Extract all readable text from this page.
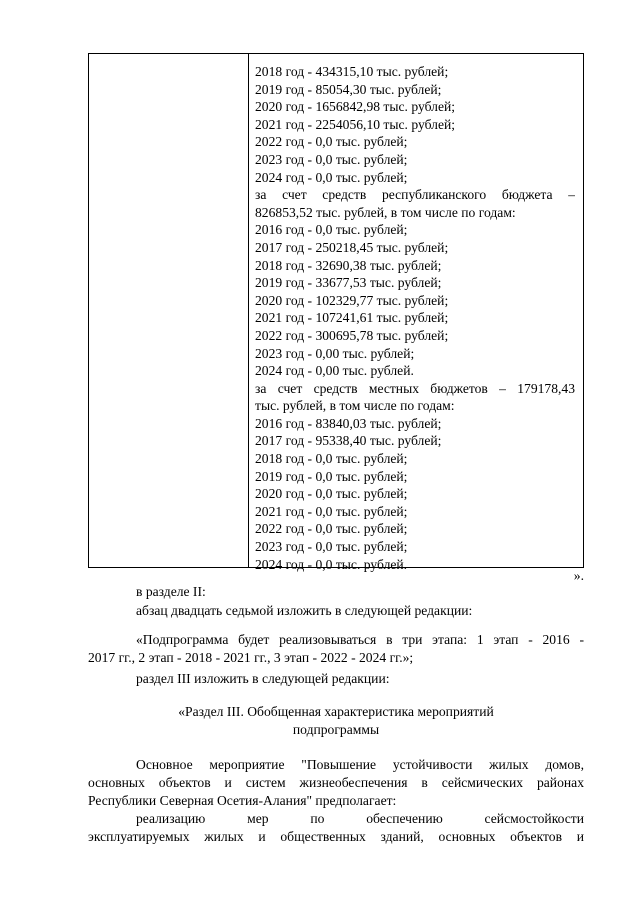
2018 год - 434315,10 тыс. рублей;
2019 год - 85054,30 тыс. рублей;
2020 год - 1656842,98 тыс. рублей;
2021 год - 2254056,10 тыс. рублей;
2022 год - 0,0 тыс. рублей;
2023 год - 0,0 тыс. рублей;
2024 год - 0,0 тыс. рублей;
за счет средств республиканского бюджета –
826853,52 тыс. рублей, в том числе по годам:
2016 год - 0,0 тыс. рублей;
2017 год - 250218,45 тыс. рублей;
2018 год - 32690,38 тыс. рублей;
2019 год - 33677,53 тыс. рублей;
2020 год - 102329,77 тыс. рублей;
2021 год - 107241,61 тыс. рублей;
2022 год - 300695,78 тыс. рублей;
2023 год - 0,00 тыс. рублей;
2024 год - 0,00 тыс. рублей.
за счет средств местных бюджетов – 179178,43
тыс. рублей, в том числе по годам:
2016 год - 83840,03 тыс. рублей;
2017 год - 95338,40 тыс. рублей;
2018 год - 0,0 тыс. рублей;
2019 год - 0,0 тыс. рублей;
2020 год - 0,0 тыс. рублей;
2021 год - 0,0 тыс. рублей;
2022 год - 0,0 тыс. рублей;
2023 год - 0,0 тыс. рублей;
2024 год - 0,0 тыс. рублей.
».
в разделе II:
абзац двадцать седьмой изложить в следующей редакции:
«Подпрограмма будет реализовываться в три этапа: 1 этап - 2016 -
2017 гг., 2 этап - 2018 - 2021 гг., 3 этап - 2022 - 2024 гг.»;
раздел III изложить в следующей редакции:
«Раздел III. Обобщенная характеристика мероприятий
подпрограммы
Основное мероприятие "Повышение устойчивости жилых домов,
основных объектов и систем жизнеобеспечения в сейсмических районах
Республики Северная Осетия-Алания" предполагает:
реализацию мер по обеспечению сейсмостойкости
эксплуатируемых жилых и общественных зданий, основных объектов и
